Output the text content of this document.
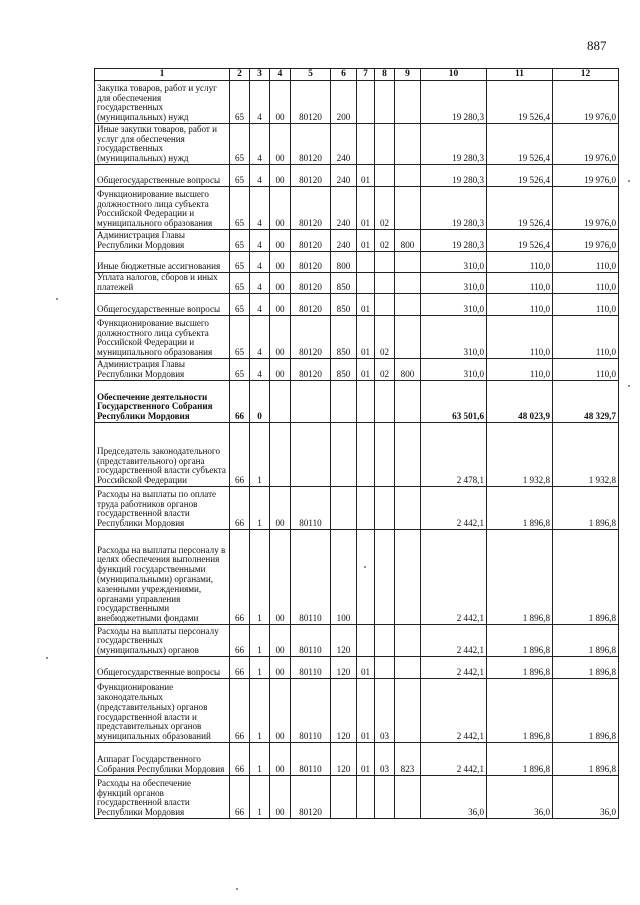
887
1	2	3	4	5	6	7	8	9	10	11	12
Закупка товаров, работ и услуг для обеспечения государственных (муниципальных) нужд	65	4	00	80120	200				19 280,3	19 526,4	19 976,0
Иные закупки товаров, работ и услуг для обеспечения государственных (муниципальных) нужд	65	4	00	80120	240				19 280,3	19 526,4	19 976,0
Общегосударственные вопросы	65	4	00	80120	240	01			19 280,3	19 526,4	19 976,0
Функционирование высшего должностного лица субъекта Российской Федерации и муниципального образования	65	4	00	80120	240	01	02		19 280,3	19 526,4	19 976,0
Администрация Главы Республики Мордовия	65	4	00	80120	240	01	02	800	19 280,3	19 526,4	19 976,0
Иные бюджетные ассигнования	65	4	00	80120	800				310,0	110,0	110,0
Уплата налогов, сборов и иных платежей	65	4	00	80120	850				310,0	110,0	110,0
Общегосударственные вопросы	65	4	00	80120	850	01			310,0	110,0	110,0
Функционирование высшего должностного лица субъекта Российской Федерации и муниципального образования	65	4	00	80120	850	01	02		310,0	110,0	110,0
Администрация Главы Республики Мордовия	65	4	00	80120	850	01	02	800	310,0	110,0	110,0
Обеспечение деятельности Государственного Собрания Республики Мордовия	66	0							63 501,6	48 023,9	48 329,7
Председатель законодательного (представительного) органа государственной власти субъекта Российской Федерации	66	1							2 478,1	1 932,8	1 932,8
Расходы на выплаты по оплате труда работников органов государственной власти Республики Мордовия	66	1	00	80110					2 442,1	1 896,8	1 896,8
Расходы на выплаты персоналу в целях обеспечения выполнения функций государственными (муниципальными) органами, казенными учреждениями, органами управления государственными внебюджетными фондами	66	1	00	80110	100				2 442,1	1 896,8	1 896,8
Расходы на выплаты персоналу государственных (муниципальных) органов	66	1	00	80110	120				2 442,1	1 896,8	1 896,8
Общегосударственные вопросы	66	1	00	80110	120	01			2 442,1	1 896,8	1 896,8
Функционирование законодательных (представительных) органов государственной власти и представительных органов муниципальных образований	66	1	00	80110	120	01	03		2 442,1	1 896,8	1 896,8
Аппарат Государственного Собрания Республики Мордовия	66	1	00	80110	120	01	03	823	2 442,1	1 896,8	1 896,8
Расходы на обеспечение функций органов государственной власти Республики Мордовия	66	1	00	80120					36,0	36,0	36,0
